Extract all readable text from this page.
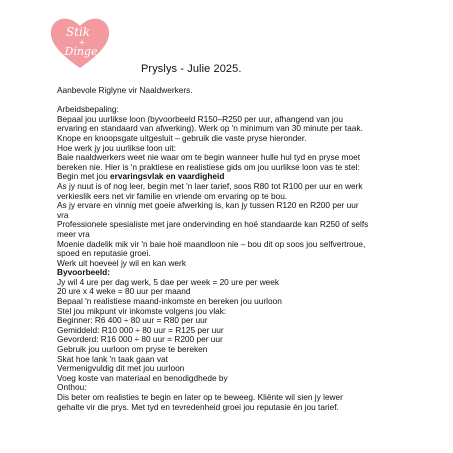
Stik
+
Dinge
Pryslys - Julie 2025.
Aanbevole Riglyne vir Naaldwerkers.
Arbeidsbepaling:
Bepaal jou uurlikse loon (byvoorbeeld R150–R250 per uur, afhangend van jou
ervaring en standaard van afwerking). Werk op 'n minimum van 30 minute per taak.
Knope en knoopsgate uitgesluit – gebruik die vaste pryse hieronder.
Hoe werk jy jou uurlikse loon uit:
Baie naaldwerkers weet nie waar om te begin wanneer hulle hul tyd en pryse moet
bereken nie. Hier is 'n praktiese en realistiese gids om jou uurlikse loon vas te stel:
Begin met jou ervaringsvlak en vaardigheid
As jy nuut is of nog leer, begin met 'n laer tarief, soos R80 tot R100 per uur en werk
verkieslik eers net vir familie en vriende om ervaring op te bou.
As jy ervare en vinnig met goeie afwerking is, kan jy tussen R120 en R200 per uur
vra
Professionele spesialiste met jare ondervinding en hoë standaarde kan R250 of selfs
meer vra
Moenie dadelik mik vir 'n baie hoë maandloon nie – bou dit op soos jou selfvertroue,
spoed en reputasie groei.
Werk uit hoeveel jy wil en kan werk
Byvoorbeeld:
Jy wil 4 ure per dag werk, 5 dae per week = 20 ure per week
20 ure x 4 weke = 80 uur per maand
Bepaal 'n realistiese maand-inkomste en bereken jou uurloon
Stel jou mikpunt vir inkomste volgens jou vlak:
Beginner: R6 400 ÷ 80 uur = R80 per uur
Gemiddeld: R10 000 ÷ 80 uur = R125 per uur
Gevorderd: R16 000 ÷ 80 uur = R200 per uur
Gebruik jou uurloon om pryse te bereken
Skat hoe lank 'n taak gaan vat
Vermenigvuldig dit met jou uurloon
Voeg koste van materiaal en benodigdhede by
Onthou:
Dis beter om realisties te begin en later op te beweeg. Kliënte wil sien jy lewer
gehalte vir die prys. Met tyd en tevredenheid groei jou reputasie én jou tarief.
